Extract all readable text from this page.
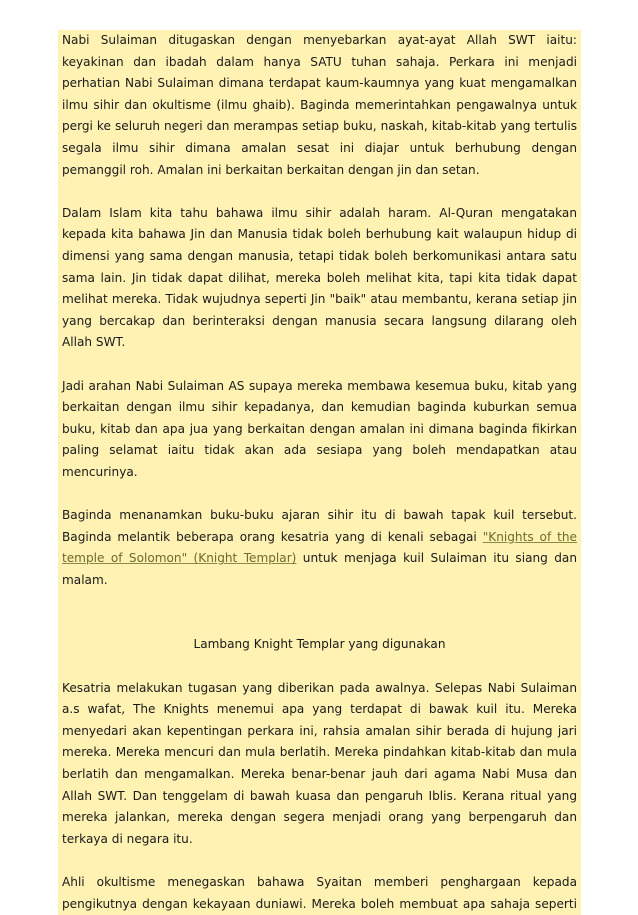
Nabi Sulaiman ditugaskan dengan menyebarkan ayat-ayat Allah SWT iaitu: keyakinan dan ibadah dalam hanya SATU tuhan sahaja. Perkara ini menjadi perhatian Nabi Sulaiman dimana terdapat kaum-kaumnya yang kuat mengamalkan ilmu sihir dan okultisme (ilmu ghaib). Baginda memerintahkan pengawalnya untuk pergi ke seluruh negeri dan merampas setiap buku, naskah, kitab-kitab yang tertulis segala ilmu sihir dimana amalan sesat ini diajar untuk berhubung dengan pemanggil roh. Amalan ini berkaitan berkaitan dengan jin dan setan.

Dalam Islam kita tahu bahawa ilmu sihir adalah haram. Al-Quran mengatakan kepada kita bahawa Jin dan Manusia tidak boleh berhubung kait walaupun hidup di dimensi yang sama dengan manusia, tetapi tidak boleh berkomunikasi antara satu sama lain. Jin tidak dapat dilihat, mereka boleh melihat kita, tapi kita tidak dapat melihat mereka. Tidak wujudnya seperti Jin "baik" atau membantu, kerana setiap jin yang bercakap dan berinteraksi dengan manusia secara langsung dilarang oleh Allah SWT.

Jadi arahan Nabi Sulaiman AS supaya mereka membawa kesemua buku, kitab yang berkaitan dengan ilmu sihir kepadanya, dan kemudian baginda kuburkan semua buku, kitab dan apa jua yang berkaitan dengan amalan ini dimana baginda fikirkan paling selamat iaitu tidak akan ada sesiapa yang boleh mendapatkan atau mencurinya.

Baginda menanamkan buku-buku ajaran sihir itu di bawah tapak kuil tersebut. Baginda melantik beberapa orang kesatria yang di kenali sebagai "Knights of the temple of Solomon" (Knight Templar) untuk menjaga kuil Sulaiman itu siang dan malam.

Lambang Knight Templar yang digunakan

Kesatria melakukan tugasan yang diberikan pada awalnya. Selepas Nabi Sulaiman a.s wafat, The Knights menemui apa yang terdapat di bawak kuil itu. Mereka menyedari akan kepentingan perkara ini, rahsia amalan sihir berada di hujung jari mereka. Mereka mencuri dan mula berlatih. Mereka pindahkan kitab-kitab dan mula berlatih dan mengamalkan. Mereka benar-benar jauh dari agama Nabi Musa dan Allah SWT. Dan tenggelam di bawah kuasa dan pengaruh Iblis. Kerana ritual yang mereka jalankan, mereka dengan segera menjadi orang yang berpengaruh dan terkaya di negara itu.

Ahli okultisme menegaskan bahawa Syaitan memberi penghargaan kepada pengikutnya dengan kekayaan duniawi. Mereka boleh membuat apa sahaja seperti
